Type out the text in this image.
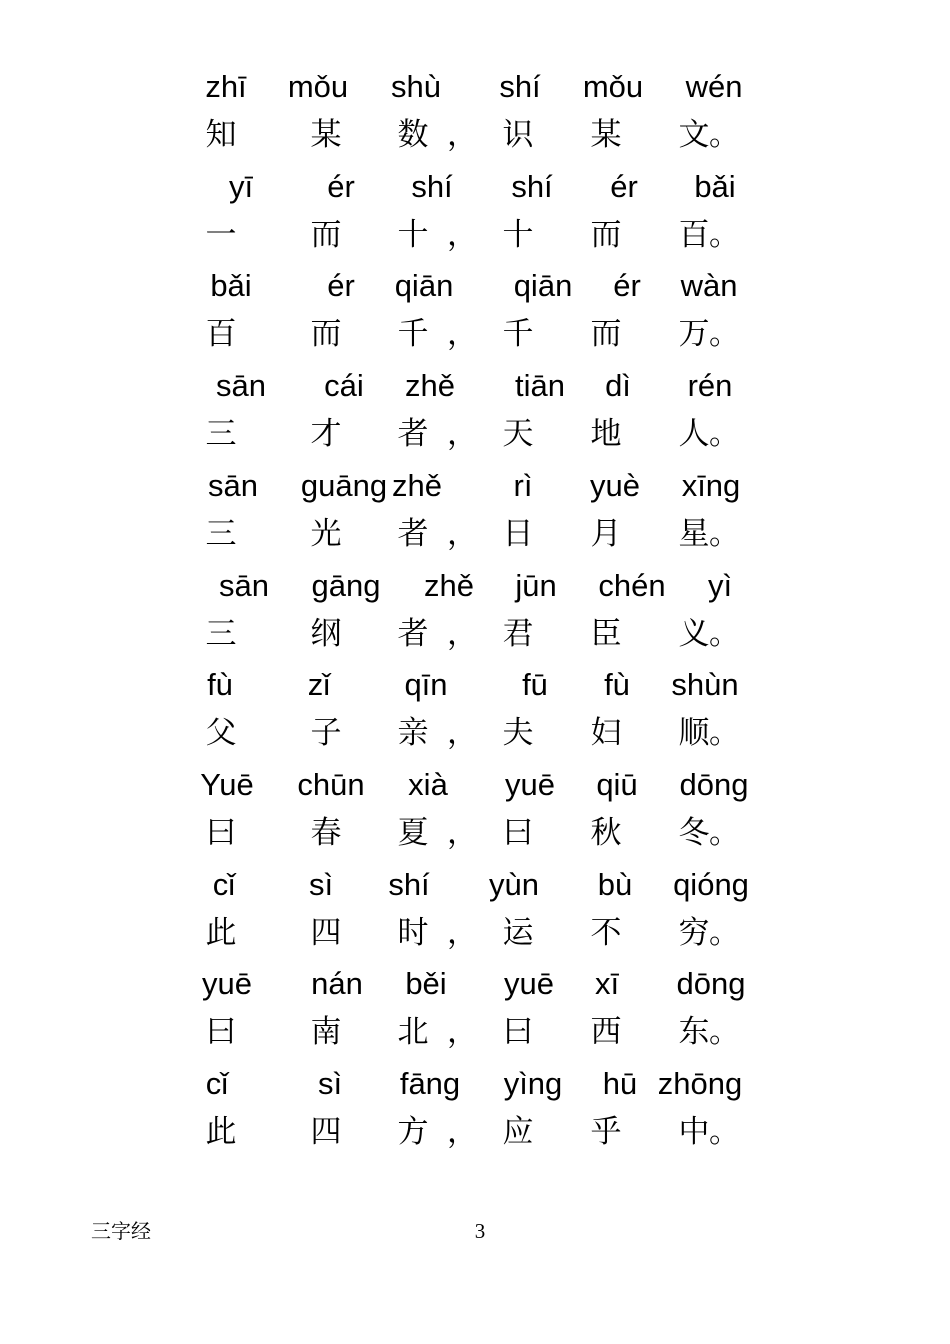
zhī mǒu shù shí mǒu wén
知 某 数 识 某 文
，	。
yī ér shí shí ér bǎi
一 而 十 十 而 百
，	。
bǎi ér qiān qiān ér wàn
百 而 千 千 而 万
，	。
sān cái zhě tiān dì rén
三 才 者 天 地 人
，	。
sān guāng zhě rì yuè xīng
三 光 者 日 月 星
，	。
sān gāng zhě jūn chén yì
三 纲 者 君 臣 义
，	。
fù zǐ qīn fū fù shùn
父 子 亲 夫 妇 顺
，	。
Yuē chūn xià yuē qiū dōng
曰 春 夏 曰 秋 冬
，	。
cǐ sì shí yùn bù qióng
此 四 时 运 不 穷
，	。
yuē nán běi yuē xī dōng
曰 南 北 曰 西 东
，	。
cǐ	sì fāng yìng hū zhōng
此 四 方 应 乎 中
，	。
三字经	3
